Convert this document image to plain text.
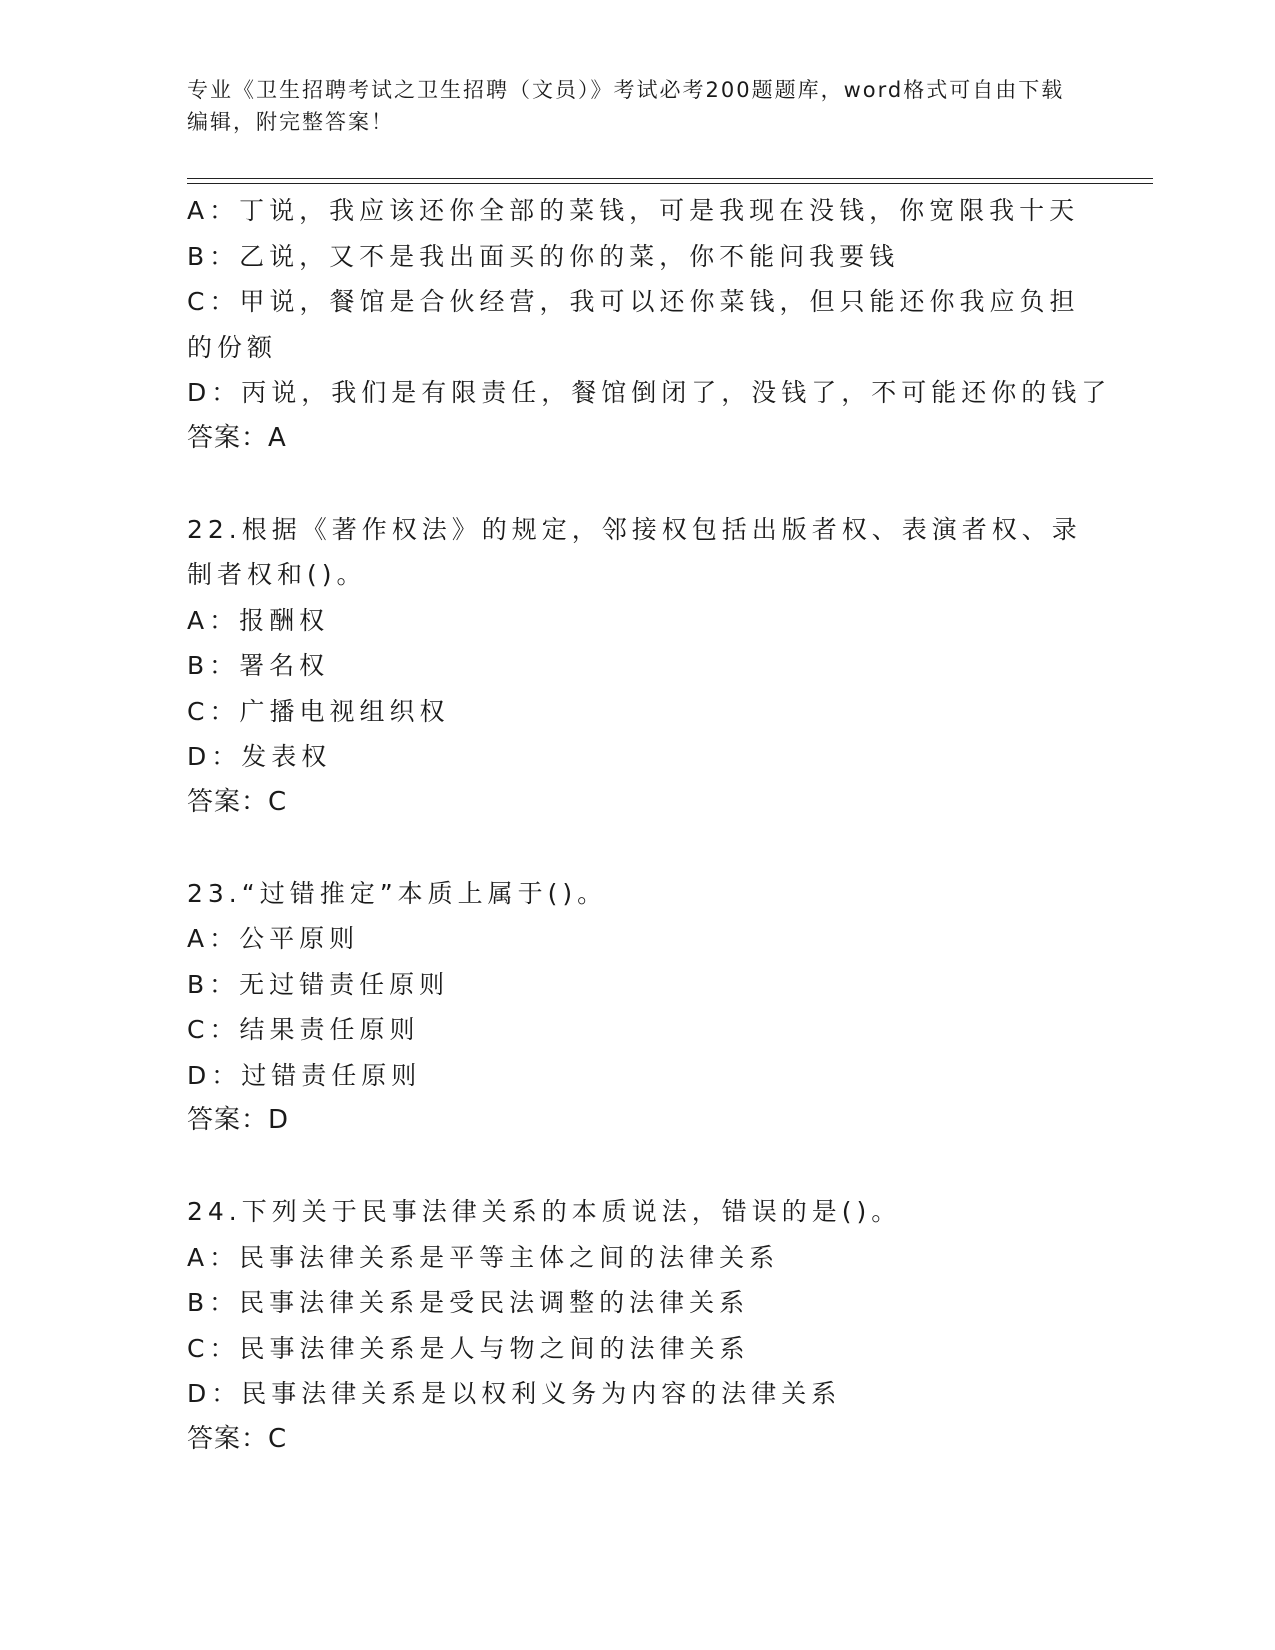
专业《卫生招聘考试之卫生招聘（文员）》考试必考200题题库，word格式可自由下载编辑，附完整答案！
A：丁说，我应该还你全部的菜钱，可是我现在没钱，你宽限我十天
B：乙说，又不是我出面买的你的菜，你不能问我要钱
C：甲说，餐馆是合伙经营，我可以还你菜钱，但只能还你我应负担的份额
D：丙说，我们是有限责任，餐馆倒闭了，没钱了，不可能还你的钱了
答案：A
22.根据《著作权法》的规定，邻接权包括出版者权、表演者权、录制者权和()。
A：报酬权
B：署名权
C：广播电视组织权
D：发表权
答案：C
23.“过错推定”本质上属于()。
A：公平原则
B：无过错责任原则
C：结果责任原则
D：过错责任原则
答案：D
24.下列关于民事法律关系的本质说法，错误的是()。
A：民事法律关系是平等主体之间的法律关系
B：民事法律关系是受民法调整的法律关系
C：民事法律关系是人与物之间的法律关系
D：民事法律关系是以权利义务为内容的法律关系
答案：C
